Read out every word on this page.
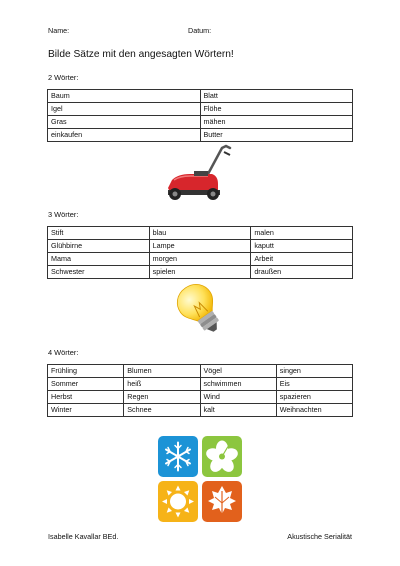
Name:	Datum:
Bilde Sätze mit den angesagten Wörtern!
2 Wörter:
Baum	Blatt
Igel	Flöhe
Gras	mähen
einkaufen	Butter
3 Wörter:
Stift	blau	malen
Glühbirne	Lampe	kaputt
Mama	morgen	Arbeit
Schwester	spielen	draußen
4 Wörter:
Frühling	Blumen	Vögel	singen
Sommer	heiß	schwimmen	Eis
Herbst	Regen	Wind	spazieren
Winter	Schnee	kalt	Weihnachten
Isabelle Kavallar BEd.	Akustische Serialität
